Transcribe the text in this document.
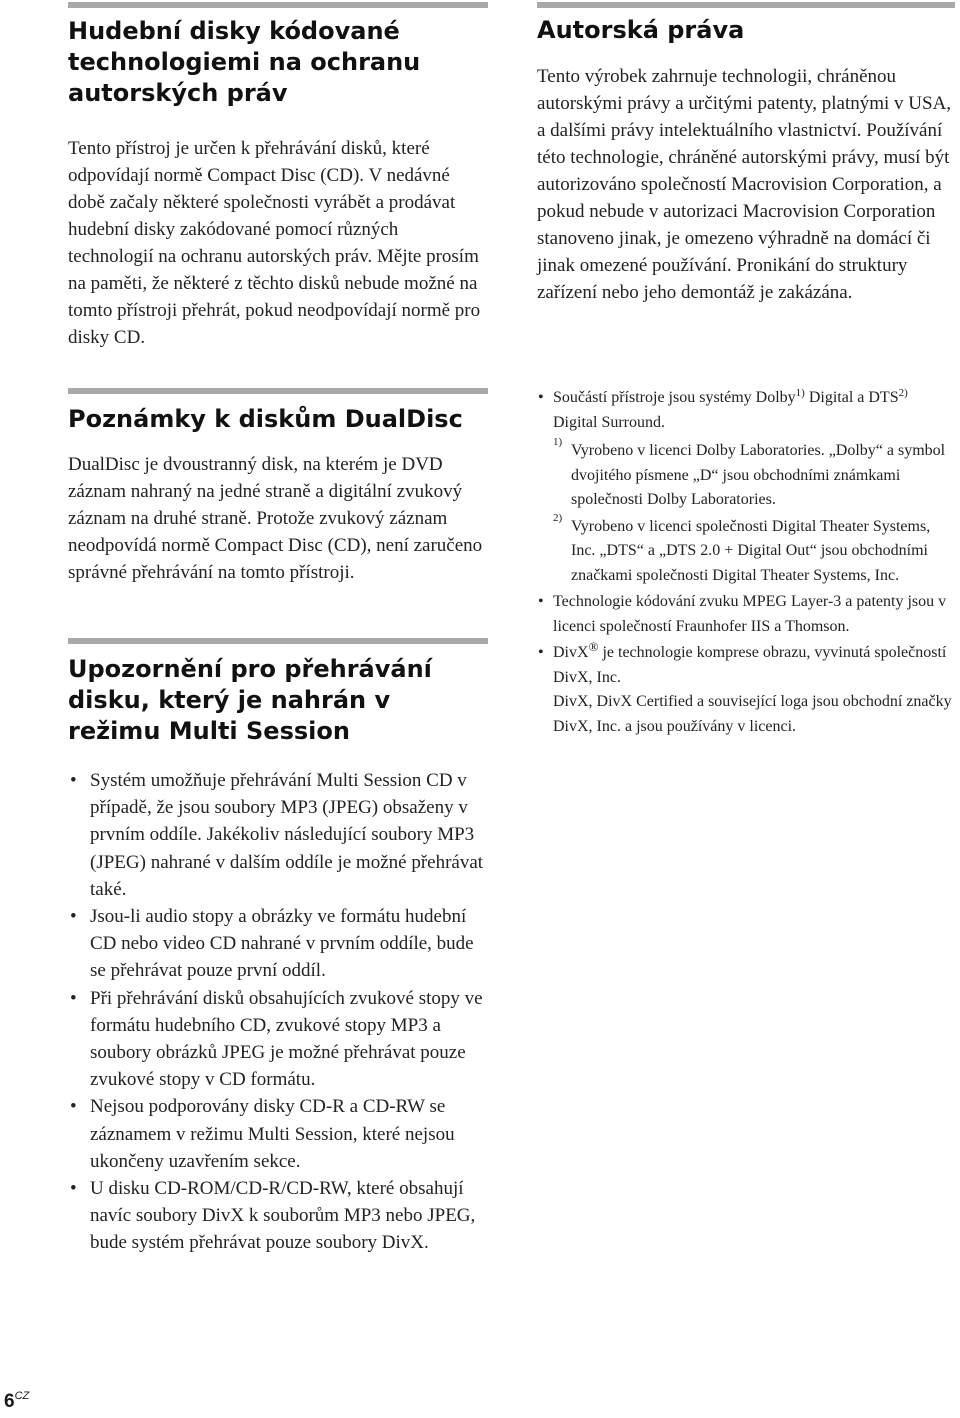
Hudební disky kódované technologiemi na ochranu autorských práv

Tento přístroj je určen k přehrávání disků, které odpovídají normě Compact Disc (CD). V nedávné době začaly některé společnosti vyrábět a prodávat hudební disky zakódované pomocí různých technologií na ochranu autorských práv. Mějte prosím na paměti, že některé z těchto disků nebude možné na tomto přístroji přehrát, pokud neodpovídají normě pro disky CD.

Poznámky k diskům DualDisc

DualDisc je dvoustranný disk, na kterém je DVD záznam nahraný na jedné straně a digitální zvukový záznam na druhé straně. Protože zvukový záznam neodpovídá normě Compact Disc (CD), není zaručeno správné přehrávání na tomto přístroji.

Upozornění pro přehrávání disku, který je nahrán v režimu Multi Session
• Systém umožňuje přehrávání Multi Session CD v případě, že jsou soubory MP3 (JPEG) obsaženy v prvním oddíle. Jakékoliv následující soubory MP3 (JPEG) nahrané v dalším oddíle je možné přehrávat také.
• Jsou-li audio stopy a obrázky ve formátu hudební CD nebo video CD nahrané v prvním oddíle, bude se přehrávat pouze první oddíl.
• Při přehrávání disků obsahujících zvukové stopy ve formátu hudebního CD, zvukové stopy MP3 a soubory obrázků JPEG je možné přehrávat pouze zvukové stopy v CD formátu.
• Nejsou podporovány disky CD-R a CD-RW se záznamem v režimu Multi Session, které nejsou ukončeny uzavřením sekce.
• U disku CD-ROM/CD-R/CD-RW, které obsahují navíc soubory DivX k souborům MP3 nebo JPEG, bude systém přehrávat pouze soubory DivX.
Autorská práva

Tento výrobek zahrnuje technologii, chráněnou autorskými právy a určitými patenty, platnými v USA, a dalšími právy intelektuálního vlastnictví. Používání této technologie, chráněné autorskými právy, musí být autorizováno společností Macrovision Corporation, a pokud nebude v autorizaci Macrovision Corporation stanoveno jinak, je omezeno výhradně na domácí či jinak omezené používání. Pronikání do struktury zařízení nebo jeho demontáž je zakázána.

• Součástí přístroje jsou systémy Dolby$^{1)}$ Digital a DTS$^{2)}$ Digital Surround.
1) Vyrobeno v licenci Dolby Laboratories. „Dolby“ a symbol dvojitého písmene „D“ jsou obchodními známkami společnosti Dolby Laboratories.
2) Vyrobeno v licenci společnosti Digital Theater Systems, Inc. „DTS“ a „DTS 2.0 + Digital Out“ jsou obchodními značkami společnosti Digital Theater Systems, Inc.
• Technologie kódování zvuku MPEG Layer-3 a patenty jsou v licenci společností Fraunhofer IIS a Thomson.
• DivX® je technologie komprese obrazu, vyvinutá společností DivX, Inc.
DivX, DivX Certified a související loga jsou obchodní značky DivX, Inc. a jsou používány v licenci.
$6^{CZ}$
